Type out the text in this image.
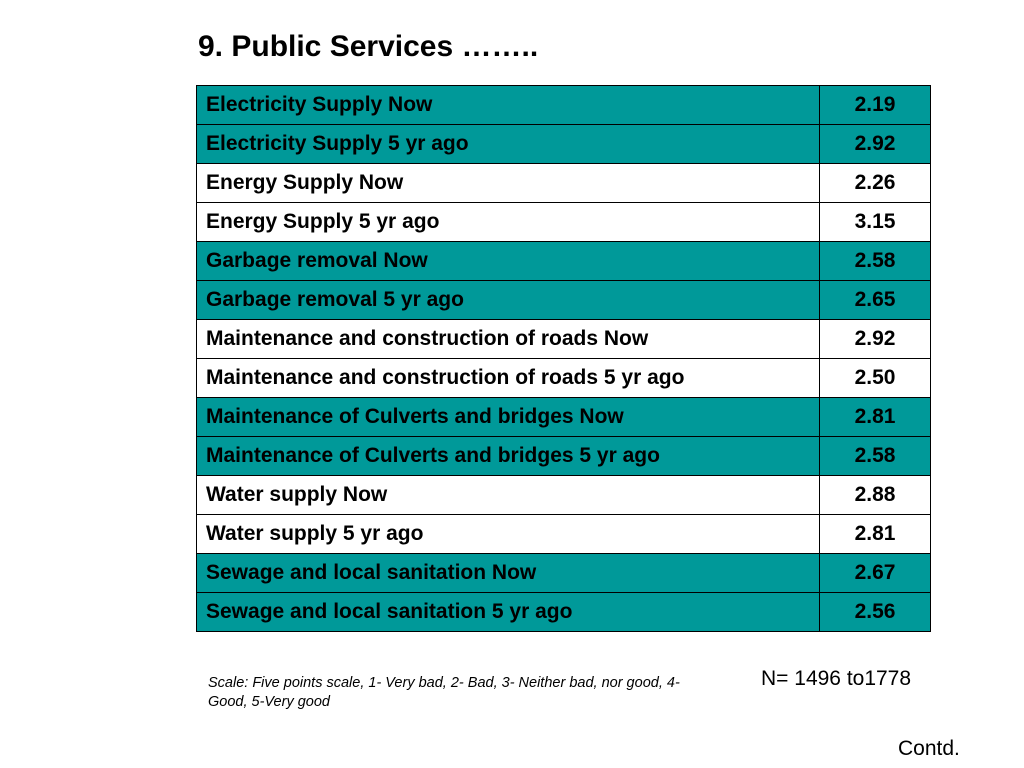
9. Public Services ……..
Electricity Supply Now	2.19
Electricity Supply 5 yr ago	2.92
Energy Supply Now	2.26
Energy Supply 5 yr ago	3.15
Garbage removal Now	2.58
Garbage removal 5 yr ago	2.65
Maintenance and construction of roads Now	2.92
Maintenance and construction of roads 5 yr ago	2.50
Maintenance of Culverts and bridges Now	2.81
Maintenance of Culverts and bridges 5 yr ago	2.58
Water supply Now	2.88
Water supply 5 yr ago	2.81
Sewage and local sanitation Now	2.67
Sewage and local sanitation 5 yr ago	2.56
Scale: Five points scale, 1- Very bad, 2- Bad, 3- Neither bad, nor good, 4- Good, 5-Very good
N= 1496 to1778
Contd.
